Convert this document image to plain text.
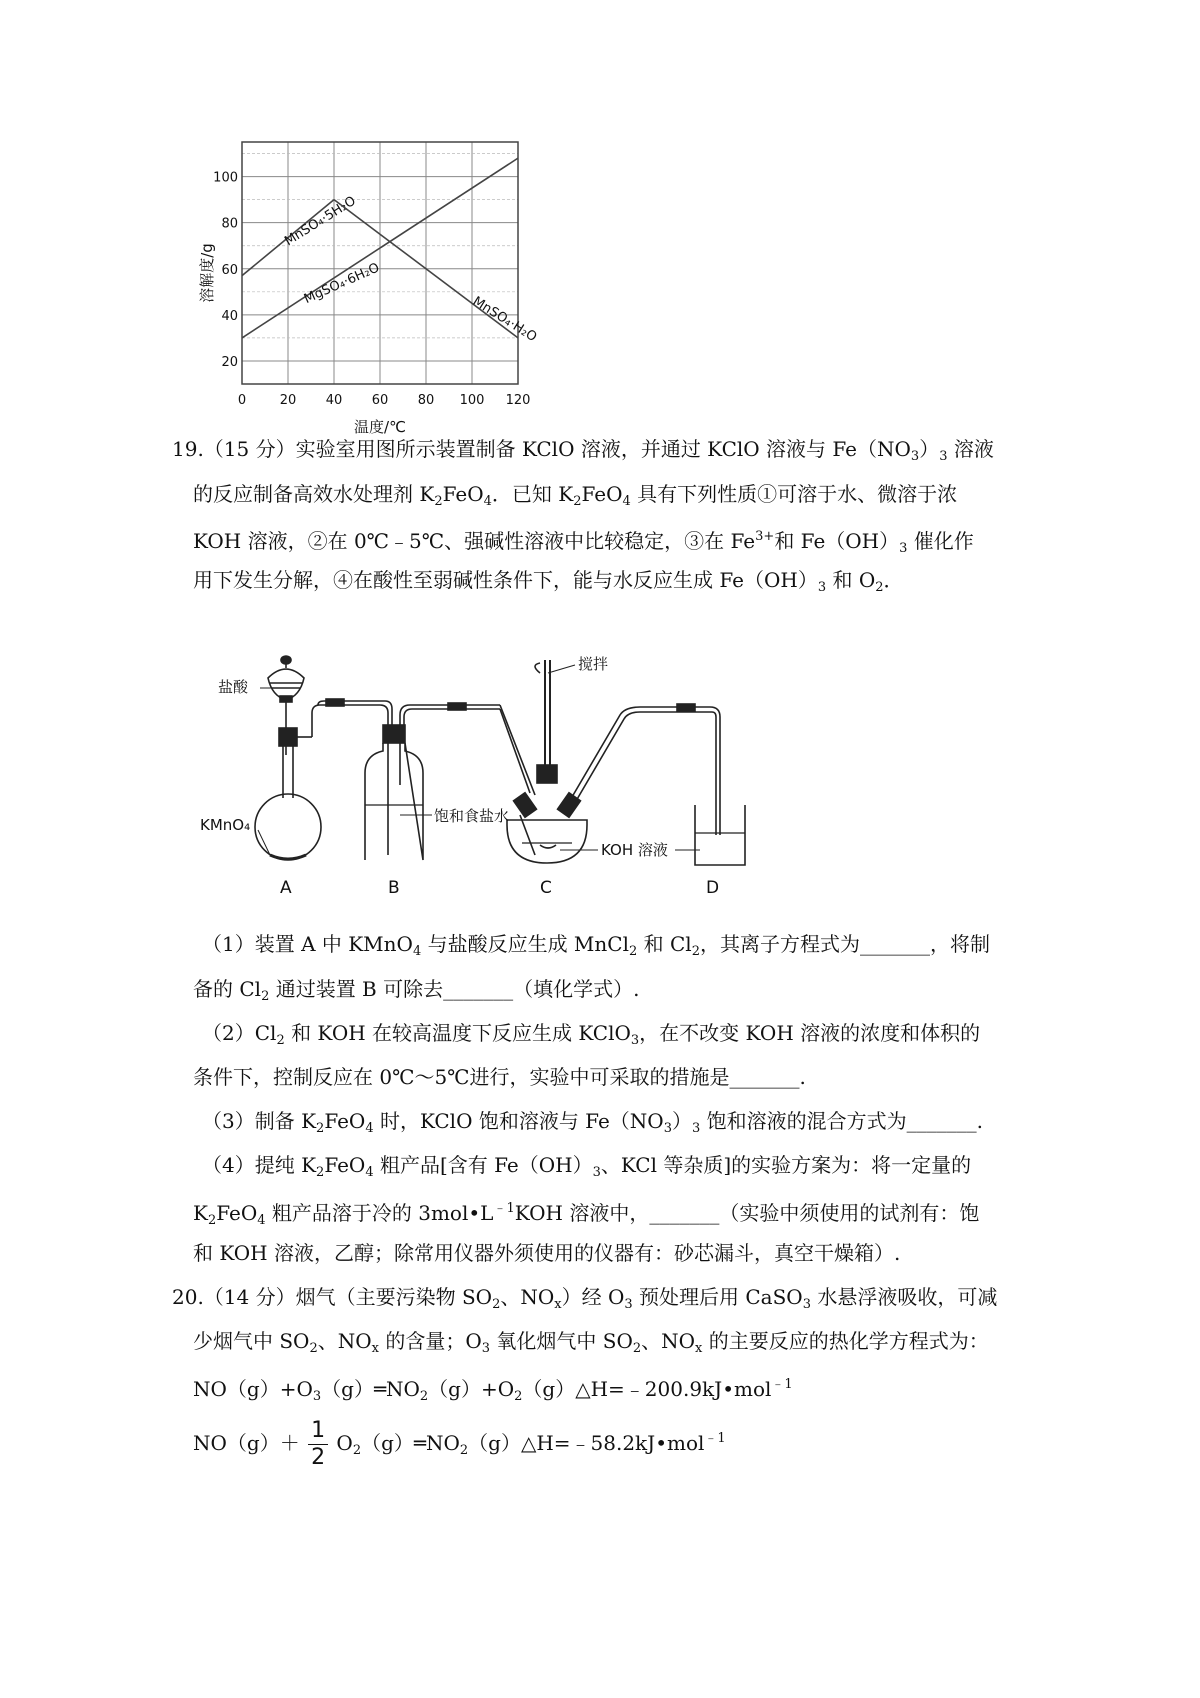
0	20 40 60 80 100 120
20
40
60
80
100
温度/℃
溶解度/g
MnSO₄·5H₂O
MnSO₄·H₂O
MgSO₄·6H₂O
19.（15 分）实验室用图所示装置制备 KClO 溶液，并通过 KClO 溶液与 $Fe(NO_3)_3$ 溶液
的反应制备高效水处理剂 $K_2FeO_4$．已知 $K_2FeO_4$ 具有下列性质①可溶于水、微溶于浓
KOH 溶液，②在 0℃﹣5℃、强碱性溶液中比较稳定，③在 $Fe^{3+}$和 $Fe(OH)_3$ 催化作
用下发生分解，④在酸性至弱碱性条件下，能与水反应生成 $Fe(OH)_3$ 和 $O_2$．
盐酸
KMnO₄	饱和食盐水
搅拌
KOH 溶液
A	B	C	D
（1）装置 A 中 KMnO$_4$ 与盐酸反应生成 MnCl$_2$ 和 $Cl_2$，其离子方程式为_______，将制
备的 $Cl_2$ 通过装置 B 可除去_______（填化学式）.
$(2)Cl_2$ 和 KOH 在较高温度下反应生成 KClO$_3$，在不改变 KOH 溶液的浓度和体积的
条件下，控制反应在 0℃～5℃进行，实验中可采取的措施是_______.
（3）制备 $K_2FeO_4$ 时，KClO 饱和溶液与 $Fe(NO_3)_3$ 饱和溶液的混合方式为_______.
（4）提纯 $K_2FeO_4$ 粗产品[含有 $Fe(OH)_3$、KCl 等杂质]的实验方案为：将一定量的
$K_2FeO_4$ 粗产品溶于冷的 $3mol•L^{﹣1}KOH$ 溶液中，_______（实验中须使用的试剂有：饱
和 KOH 溶液，乙醇；除常用仪器外须使用的仪器有：砂芯漏斗，真空干燥箱）.
20.（14 分）烟气（主要污染物 $SO_2$、$NO_x$）经 $O_3$ 预处理后用 CaSO$_3$ 水悬浮液吸收，可减
少烟气中 $SO_2$、$NO_x$ 的含量；$O_3$ 氧化烟气中 $SO_2$、$NO_x$ 的主要反应的热化学方程式为：
$NO(g)+O_3(g)═NO_2(g)+O_2(g)\triangle H=﹣200.9kJ•mol^{﹣1}$
$NO(g)+ \frac{1}{2}$ $O_2(g)═NO_2(g)\triangle H=﹣58.2kJ•mol^{﹣1}$
